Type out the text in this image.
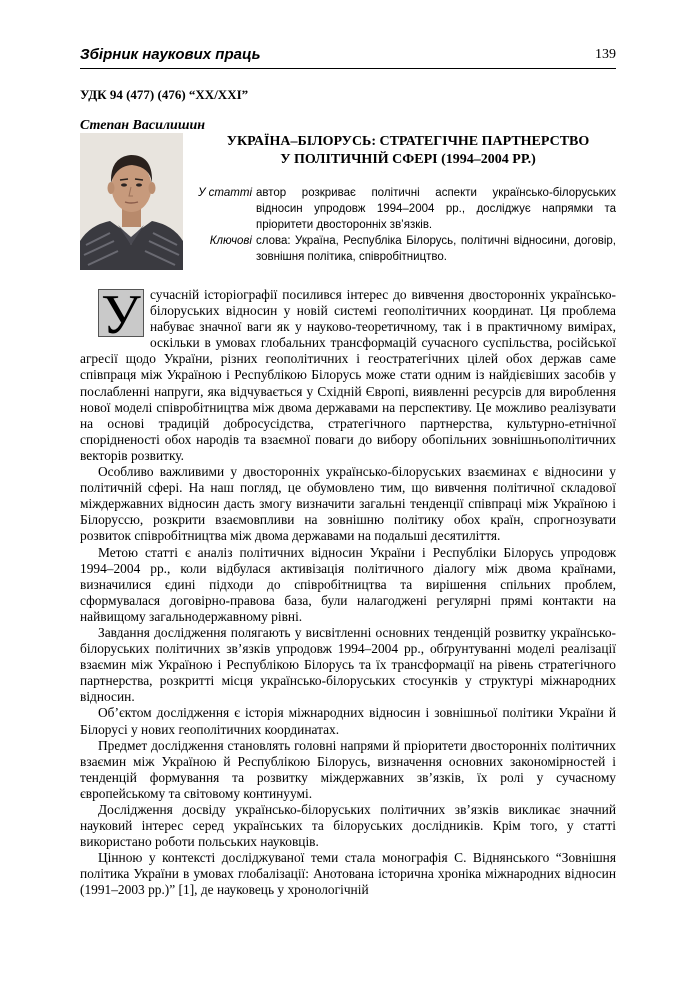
Збірник наукових праць	139
УДК 94 (477) (476) “XX/XXI”
Степан Василишин
УКРАЇНА–БІЛОРУСЬ: СТРАТЕГІЧНЕ ПАРТНЕРСТВО
У ПОЛІТИЧНІЙ СФЕРІ (1994–2004 РР.)
У статті автор розкриває політичні аспекти українсько-білоруських відносин упродовж 1994–2004 рр., досліджує напрямки та пріоритети двосторонніх зв’язків.
Ключові слова: Україна, Республіка Білорусь, політичні відносини, договір, зовнішня політика, співробітництво.

У сучасній історіографії посилився інтерес до вивчення двосторонніх українсько-білоруських відносин у новій системі геополітичних координат. Ця проблема набуває значної ваги як у науково-теоретичному, так і в практичному вимірах, оскільки в умовах глобальних трансформацій сучасного суспільства, російської агресії щодо України, різних геополітичних і геостратегічних цілей обох держав саме співпраця між Україною і Республікою Білорусь може стати одним із найдієвіших засобів у послабленні напруги, яка відчувається у Східній Європі, виявленні ресурсів для вироблення нової моделі співробітництва між двома державами на перспективу. Це можливо реалізувати на основі традицій добросусідства, стратегічного партнерства, культурно-етнічної спорідненості обох народів та взаємної поваги до вибору обопільних зовнішньополітичних векторів розвитку.

Особливо важливими у двосторонніх українсько-білоруських взаєминах є відносини у політичній сфері. На наш погляд, це обумовлено тим, що вивчення політичної складової міждержавних відносин дасть змогу визначити загальні тенденції співпраці між Україною і Білоруссю, розкрити взаємовпливи на зовнішню політику обох країн, спрогнозувати розвиток співробітництва між двома державами на подальші десятиліття.

Метою статті є аналіз політичних відносин України і Республіки Білорусь упродовж 1994–2004 рр., коли відбулася активізація політичного діалогу між двома країнами, визначилися єдині підходи до співробітництва та вирішення спільних проблем, сформувалася договірно-правова база, були налагоджені регулярні прямі контакти на найвищому загальнодержавному рівні.

Завдання дослідження полягають у висвітленні основних тенденцій розвитку українсько-білоруських політичних зв’язків упродовж 1994–2004 рр., обґрунтуванні моделі реалізації взаємин між Україною і Республікою Білорусь та їх трансформації на рівень стратегічного партнерства, розкритті місця українсько-білоруських стосунків у структурі міжнародних відносин.

Об’єктом дослідження є історія міжнародних відносин і зовнішньої політики України й Білорусі у нових геополітичних координатах.

Предмет дослідження становлять головні напрями й пріоритети двосторонніх політичних взаємин між Україною й Республікою Білорусь, визначення основних закономірностей і тенденцій формування та розвитку міждержавних зв’язків, їх ролі у сучасному європейському та світовому континуумі.

Дослідження досвіду українсько-білоруських політичних зв’язків викликає значний науковий інтерес серед українських та білоруських дослідників. Крім того, у статті використано роботи польських науковців.

Цінною у контексті досліджуваної теми стала монографія С. Віднянського “Зовнішня політика України в умовах глобалізації: Анотована історична хроніка міжнародних відносин (1991–2003 рр.)” [1], де науковець у хронологічній
